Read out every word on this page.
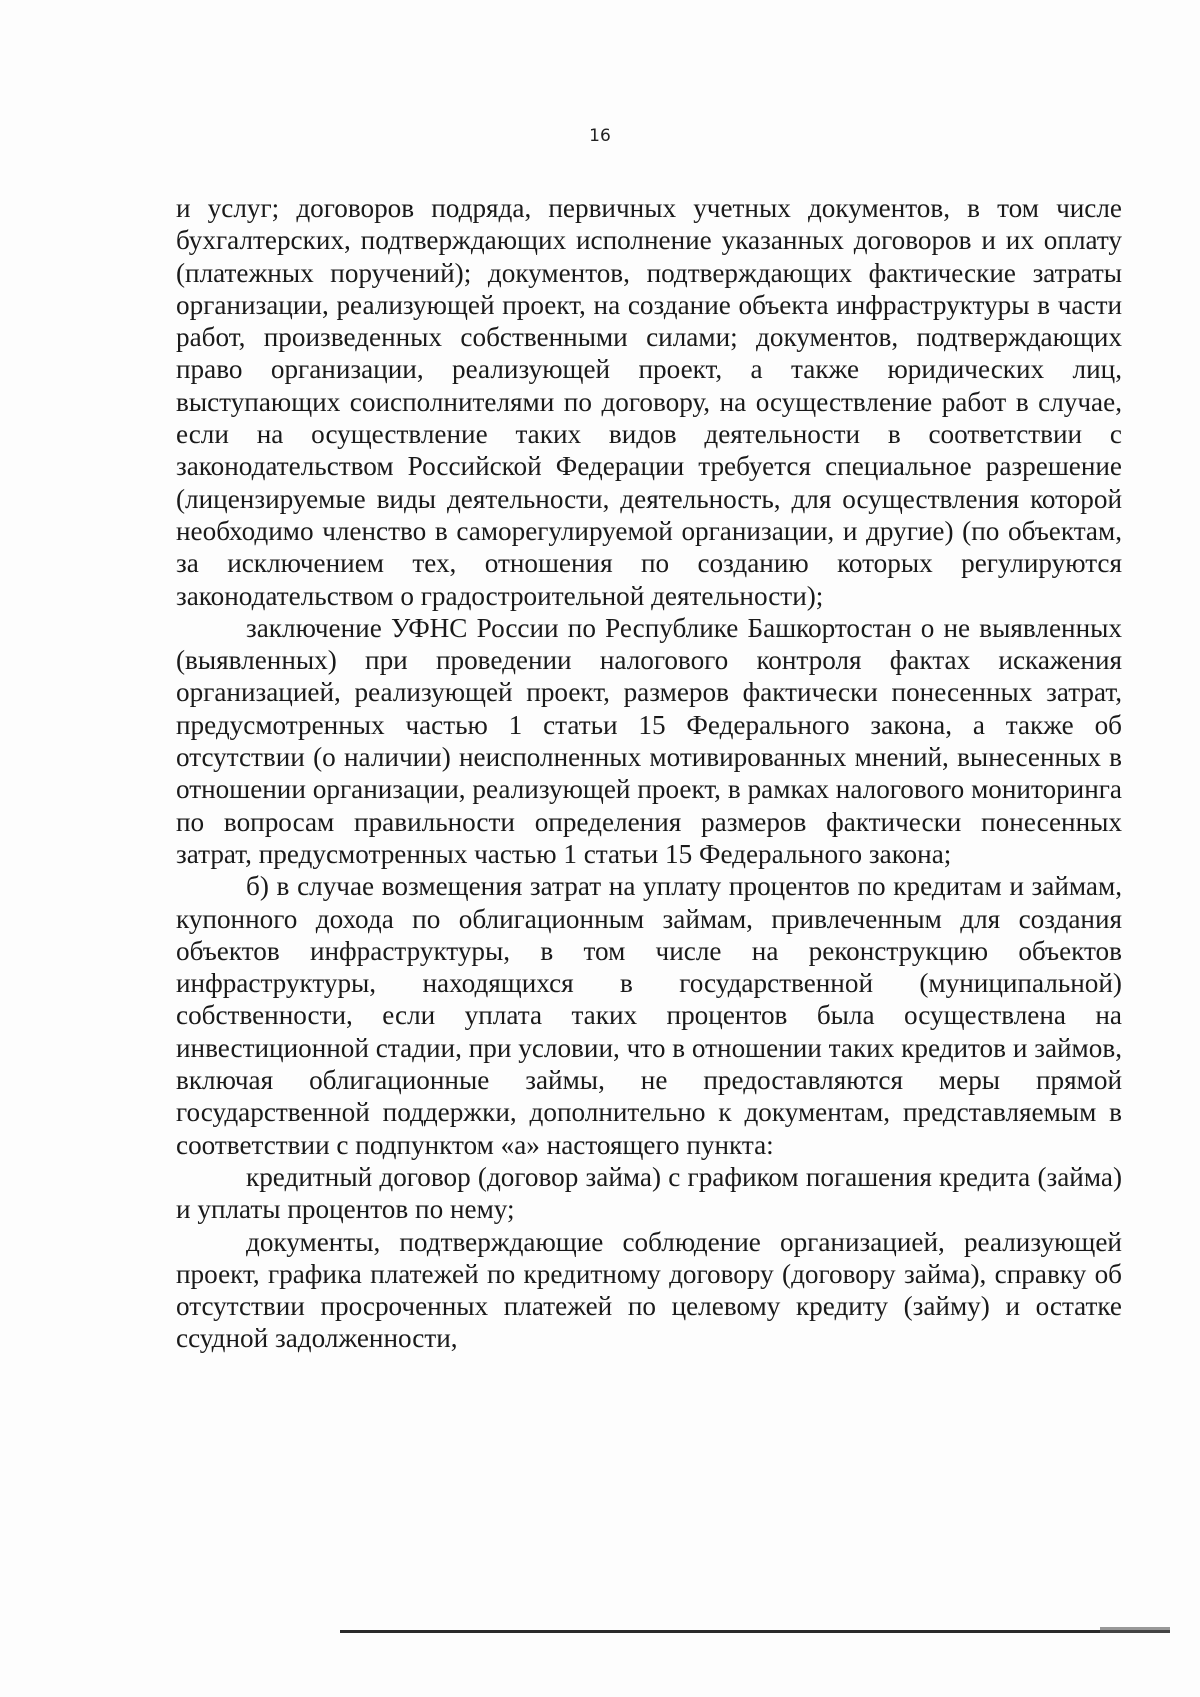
16

и услуг; договоров подряда, первичных учетных документов, в том числе бухгалтерских, подтверждающих исполнение указанных договоров и их оплату (платежных поручений); документов, подтверждающих фактические затраты организации, реализующей проект, на создание объекта инфраструктуры в части работ, произведенных собственными силами; документов, подтверждающих право организации, реализующей проект, а также юридических лиц, выступающих соисполнителями по договору, на осуществление работ в случае, если на осуществление таких видов деятельности в соответствии с законодательством Российской Федерации требуется специальное разрешение (лицензируемые виды деятельности, деятельность, для осуществления которой необходимо членство в саморегулируемой организации, и другие) (по объектам, за исключением тех, отношения по созданию которых регулируются законодательством о градостроительной деятельности);

заключение УФНС России по Республике Башкортостан о не выявленных (выявленных) при проведении налогового контроля фактах искажения организацией, реализующей проект, размеров фактически понесенных затрат, предусмотренных частью 1 статьи 15 Федерального закона, а также об отсутствии (о наличии) неисполненных мотивированных мнений, вынесенных в отношении организации, реализующей проект, в рамках налогового мониторинга по вопросам правильности определения размеров фактически понесенных затрат, предусмотренных частью 1 статьи 15 Федерального закона;

б) в случае возмещения затрат на уплату процентов по кредитам и займам, купонного дохода по облигационным займам, привлеченным для создания объектов инфраструктуры, в том числе на реконструкцию объектов инфраструктуры, находящихся в государственной (муниципальной) собственности, если уплата таких процентов была осуществлена на инвестиционной стадии, при условии, что в отношении таких кредитов и займов, включая облигационные займы, не предоставляются меры прямой государственной поддержки, дополнительно к документам, представляемым в соответствии с подпунктом «а» настоящего пункта:

кредитный договор (договор займа) с графиком погашения кредита (займа) и уплаты процентов по нему;

документы, подтверждающие соблюдение организацией, реализующей проект, графика платежей по кредитному договору (договору займа), справку об отсутствии просроченных платежей по целевому кредиту (займу) и остатке ссудной задолженности,
